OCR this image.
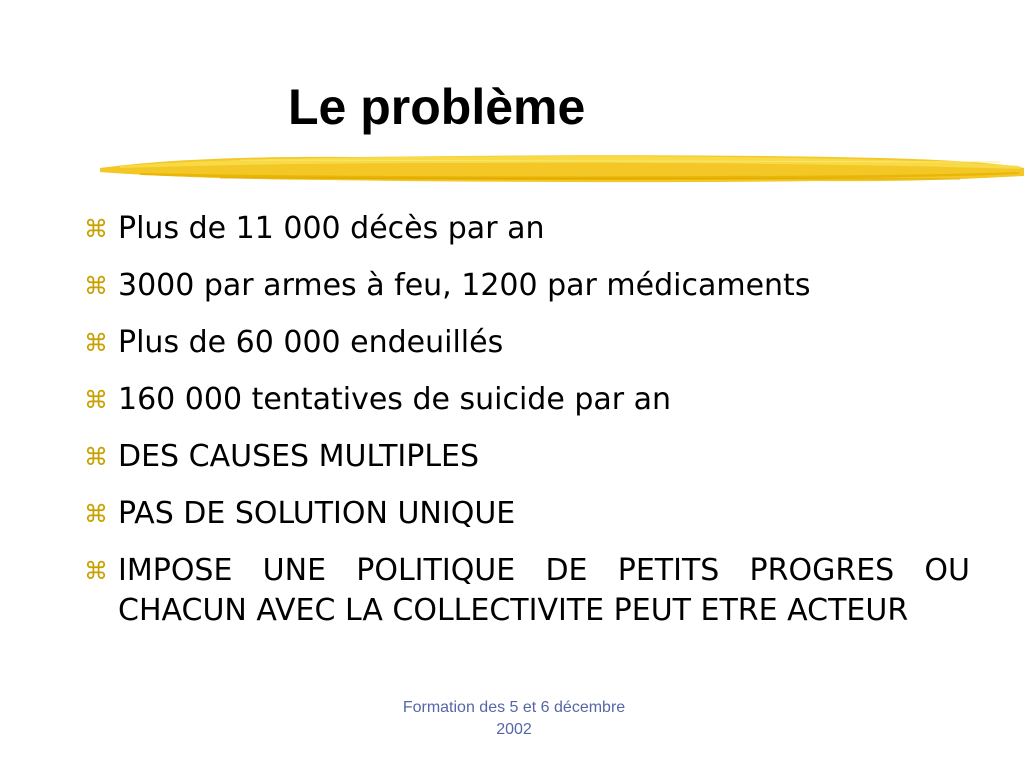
Le problème
⌘ Plus de 11 000 décès par an
⌘ 3000 par armes à feu, 1200 par médicaments
⌘ Plus de 60 000 endeuillés
⌘ 160 000 tentatives de suicide par an
⌘ DES CAUSES MULTIPLES
⌘ PAS DE SOLUTION UNIQUE
⌘ IMPOSE UNE POLITIQUE DE PETITS PROGRES OU CHACUN AVEC LA COLLECTIVITE PEUT ETRE ACTEUR
Formation des 5 et 6 décembre
2002
